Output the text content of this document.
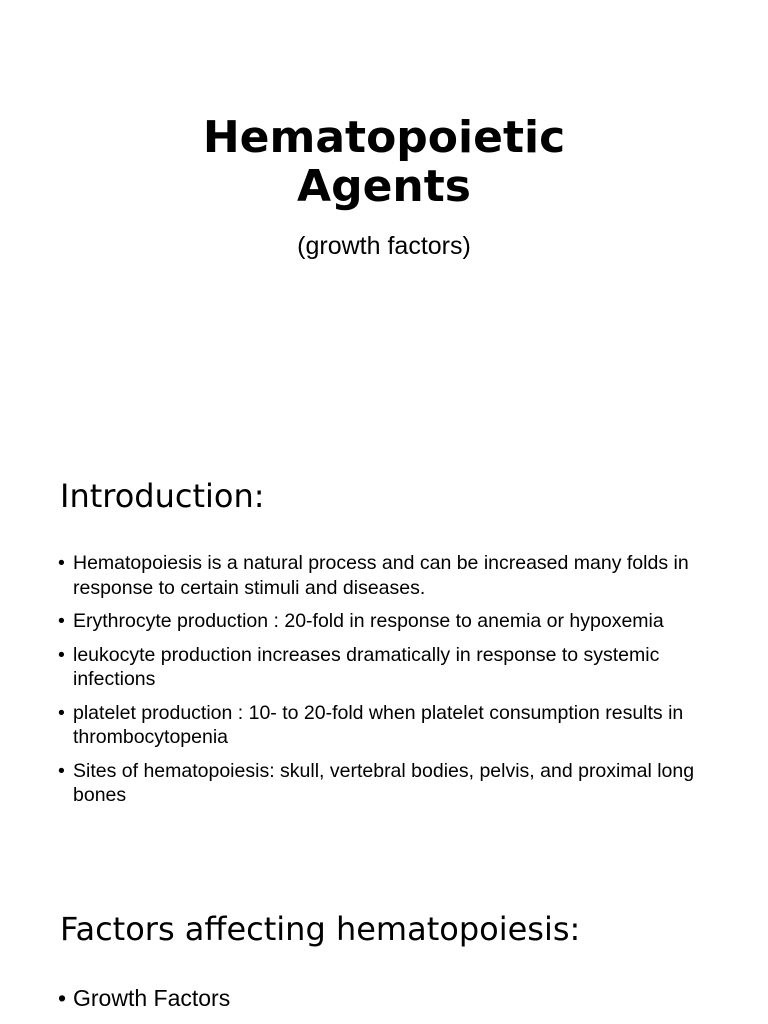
Hematopoietic
Agents

(growth factors)

Introduction:
• Hematopoiesis is a natural process and can be increased many folds in response to certain stimuli and diseases.
• Erythrocyte production : 20-fold in response to anemia or hypoxemia
• leukocyte production increases dramatically in response to systemic infections
• platelet production : 10- to 20-fold when platelet consumption results in thrombocytopenia
• Sites of hematopoiesis: skull, vertebral bodies, pelvis, and proximal long bones
Factors affecting hematopoiesis:
• Growth Factors
